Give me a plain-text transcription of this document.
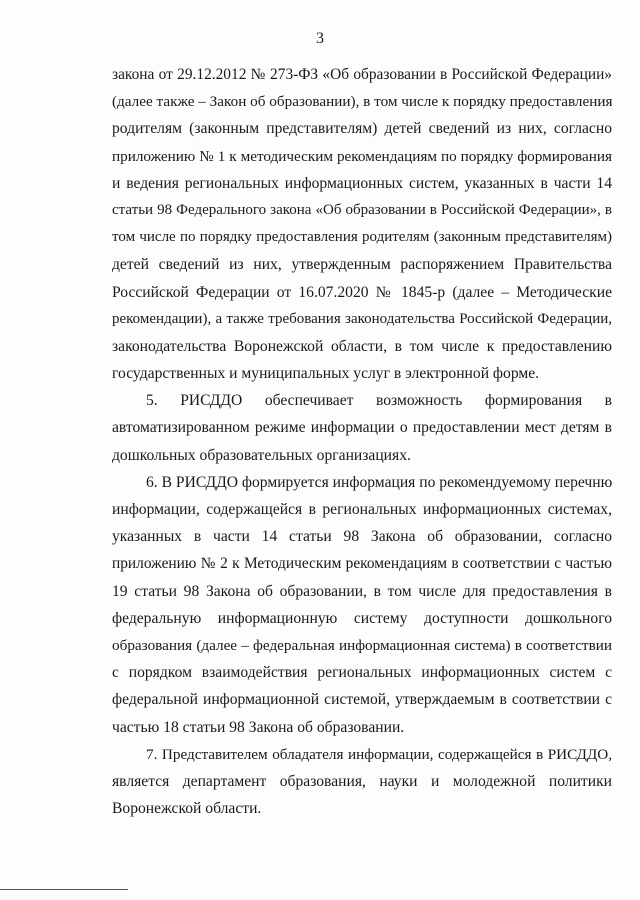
3
закона от 29.12.2012 № 273-ФЗ «Об образовании в Российской Федерации»
(далее также – Закон об образовании), в том числе к порядку предоставления
родителям (законным представителям) детей сведений из них, согласно
приложению № 1 к методическим рекомендациям по порядку формирования
и ведения региональных информационных систем, указанных в части 14
статьи 98 Федерального закона «Об образовании в Российской Федерации», в
том числе по порядку предоставления родителям (законным представителям)
детей сведений из них, утвержденным распоряжением Правительства
Российской Федерации от 16.07.2020 № 1845-р (далее – Методические
рекомендации), а также требования законодательства Российской Федерации,
законодательства Воронежской области, в том числе к предоставлению
государственных и муниципальных услуг в электронной форме.
5. РИСДДО обеспечивает возможность формирования в
автоматизированном режиме информации о предоставлении мест детям в
дошкольных образовательных организациях.
6. В РИСДДО формируется информация по рекомендуемому перечню
информации, содержащейся в региональных информационных системах,
указанных в части 14 статьи 98 Закона об образовании, согласно
приложению № 2 к Методическим рекомендациям в соответствии с частью
19 статьи 98 Закона об образовании, в том числе для предоставления в
федеральную информационную систему доступности дошкольного
образования (далее – федеральная информационная система) в соответствии
с порядком взаимодействия региональных информационных систем с
федеральной информационной системой, утверждаемым в соответствии с
частью 18 статьи 98 Закона об образовании.
7. Представителем обладателя информации, содержащейся в РИСДДО,
является департамент образования, науки и молодежной политики
Воронежской области.
